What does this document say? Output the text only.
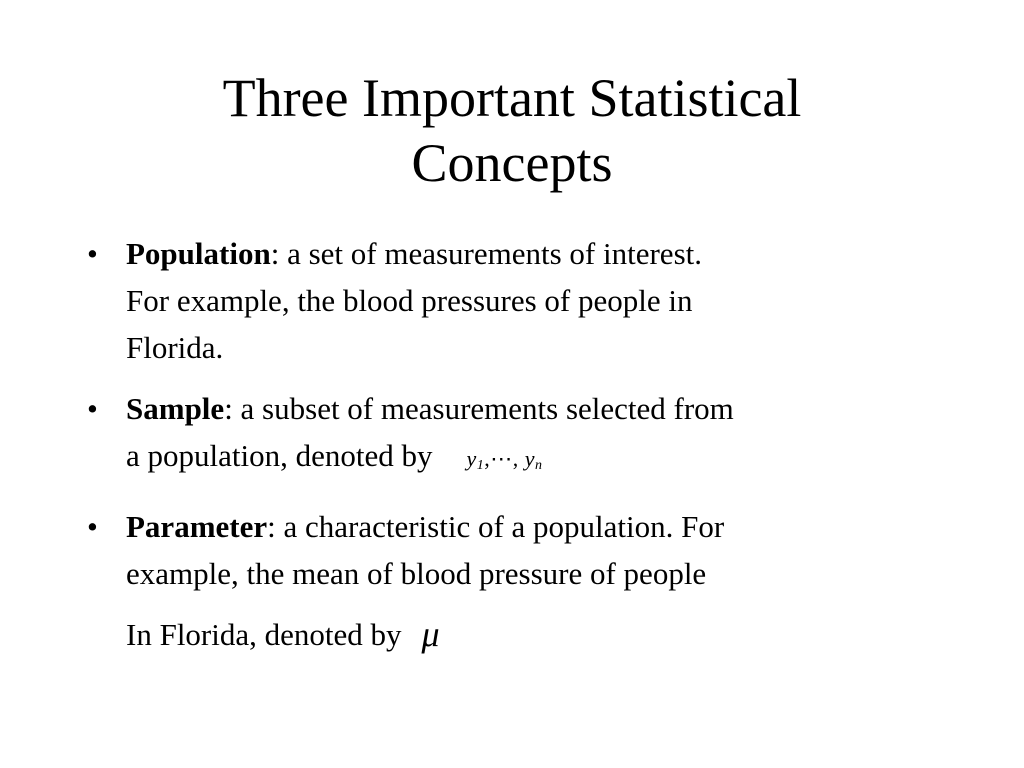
Three Important Statistical
Concepts
• Population: a set of measurements of interest.
For example, the blood pressures of people in
Florida.
• Sample: a subset of measurements selected from
a population, denoted by $y_1,\cdots$, $y_n$
• Parameter: a characteristic of a population. For
example, the mean of blood pressure of people
In Florida, denoted by μ
